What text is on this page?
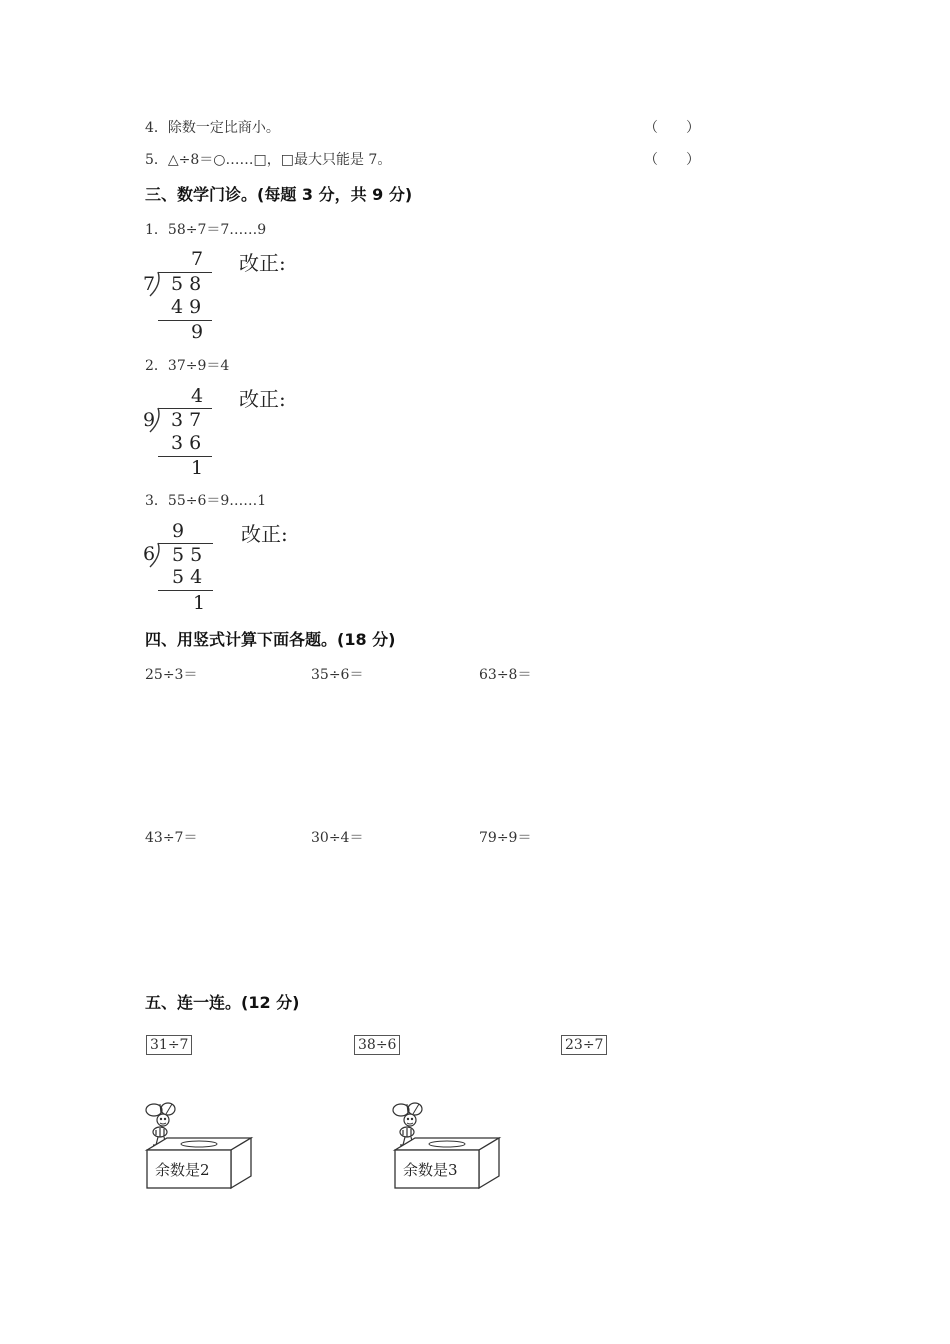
4．除数一定比商小。	（　　）
5．△÷8＝○……□，□最大只能是 7。	（　　）
三、数学门诊。(每题 3 分，共 9 分)
1．58÷7＝7……9
7
7 5 8
4 9
9
改正:
2．37÷9＝4
4
9 3 7
3 6
1
改正:
3．55÷6＝9……1
9
6 5 5
5 4
1
改正:
四、用竖式计算下面各题。(18 分)
25÷3＝	35÷6＝	63÷8＝
43÷7＝	30÷4＝	79÷9＝
五、连一连。(12 分)
31÷7	38÷6	23÷7
余数是2	余数是3
